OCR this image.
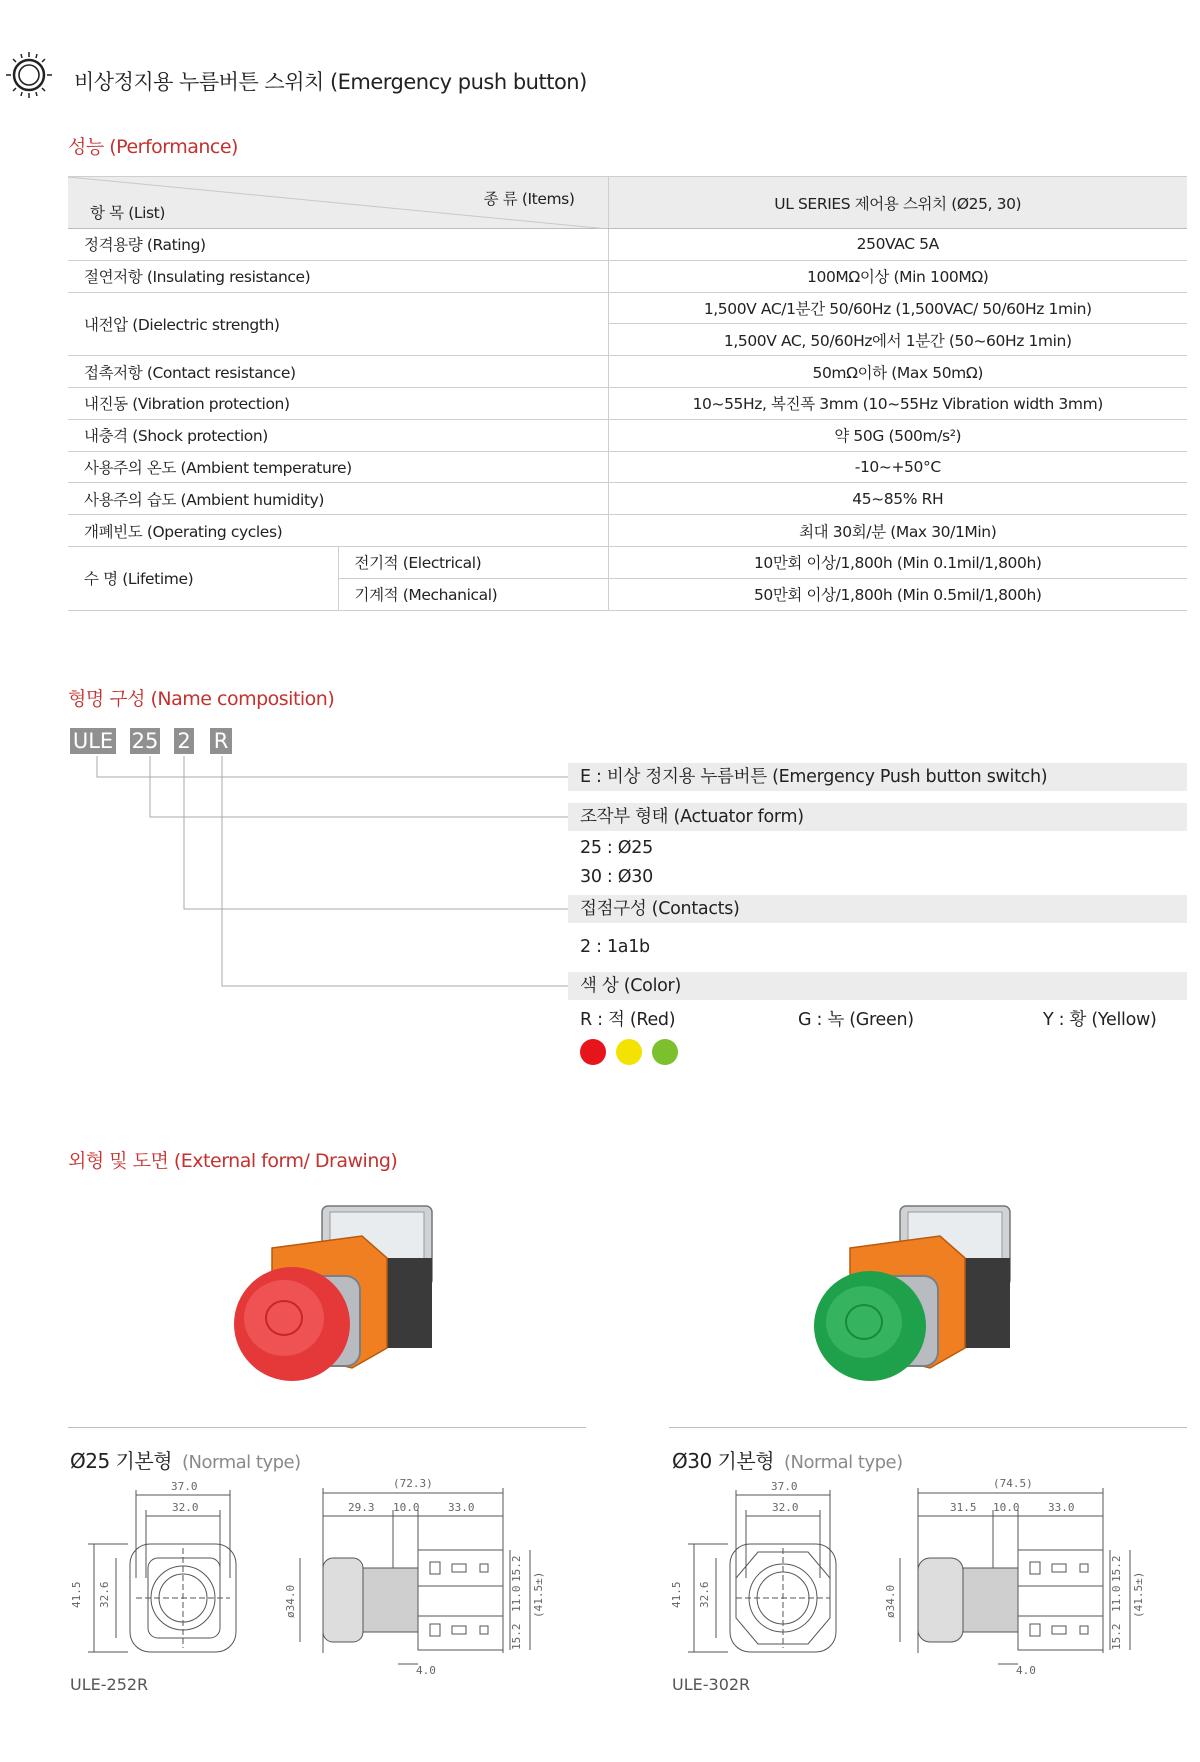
비상정지용 누름버튼 스위치 (Emergency push button)
성능 (Performance)
종 류 (Items)
항 목 (List)		UL SERIES 제어용 스위치 (Ø25, 30)
정격용량 (Rating)		250VAC 5A
절연저항 (Insulating resistance)		100MΩ이상 (Min 100MΩ)
내전압 (Dielectric strength)		1,500V AC/1분간 50/60Hz (1,500VAC/ 50/60Hz 1min)
		1,500V AC, 50/60Hz에서 1분간 (50~60Hz 1min)
접촉저항 (Contact resistance)		50mΩ이하 (Max 50mΩ)
내진동 (Vibration protection)		10~55Hz, 복진폭 3mm (10~55Hz Vibration width 3mm)
내충격 (Shock protection)		약 50G (500m/s²)
사용주의 온도 (Ambient temperature)		-10~+50°C
사용주의 습도 (Ambient humidity)		45~85% RH
개폐빈도 (Operating cycles)		최대 30회/분 (Max 30/1Min)
수 명 (Lifetime)	전기적 (Electrical)	10만회 이상/1,800h (Min 0.1mil/1,800h)
	기계적 (Mechanical)	50만회 이상/1,800h (Min 0.5mil/1,800h)
형명 구성 (Name composition)
ULE 25 2 R
E : 비상 정지용 누름버튼 (Emergency Push button switch)
조작부 형태 (Actuator form)
25 : Ø25
30 : Ø30
접점구성 (Contacts)
2 : 1a1b
색 상 (Color)
R : 적 (Red)	G : 녹 (Green)	Y : 황 (Yellow)
외형 및 도면 (External form/ Drawing)
Ø25 기본형 (Normal type)	Ø30 기본형 (Normal type)
37.0
32.0
41.5 32.6
(72.3)
29.3 10.0	33.0
ø34.0
15.2
11.0
15.2
(41.5±)
4.0
37.0
32.0
41.5 32.6
(74.5)
31.5 10.0	33.0
ø34.0
15.2
11.0
15.2
(41.5±)
4.0
ULE-252R	ULE-302R
